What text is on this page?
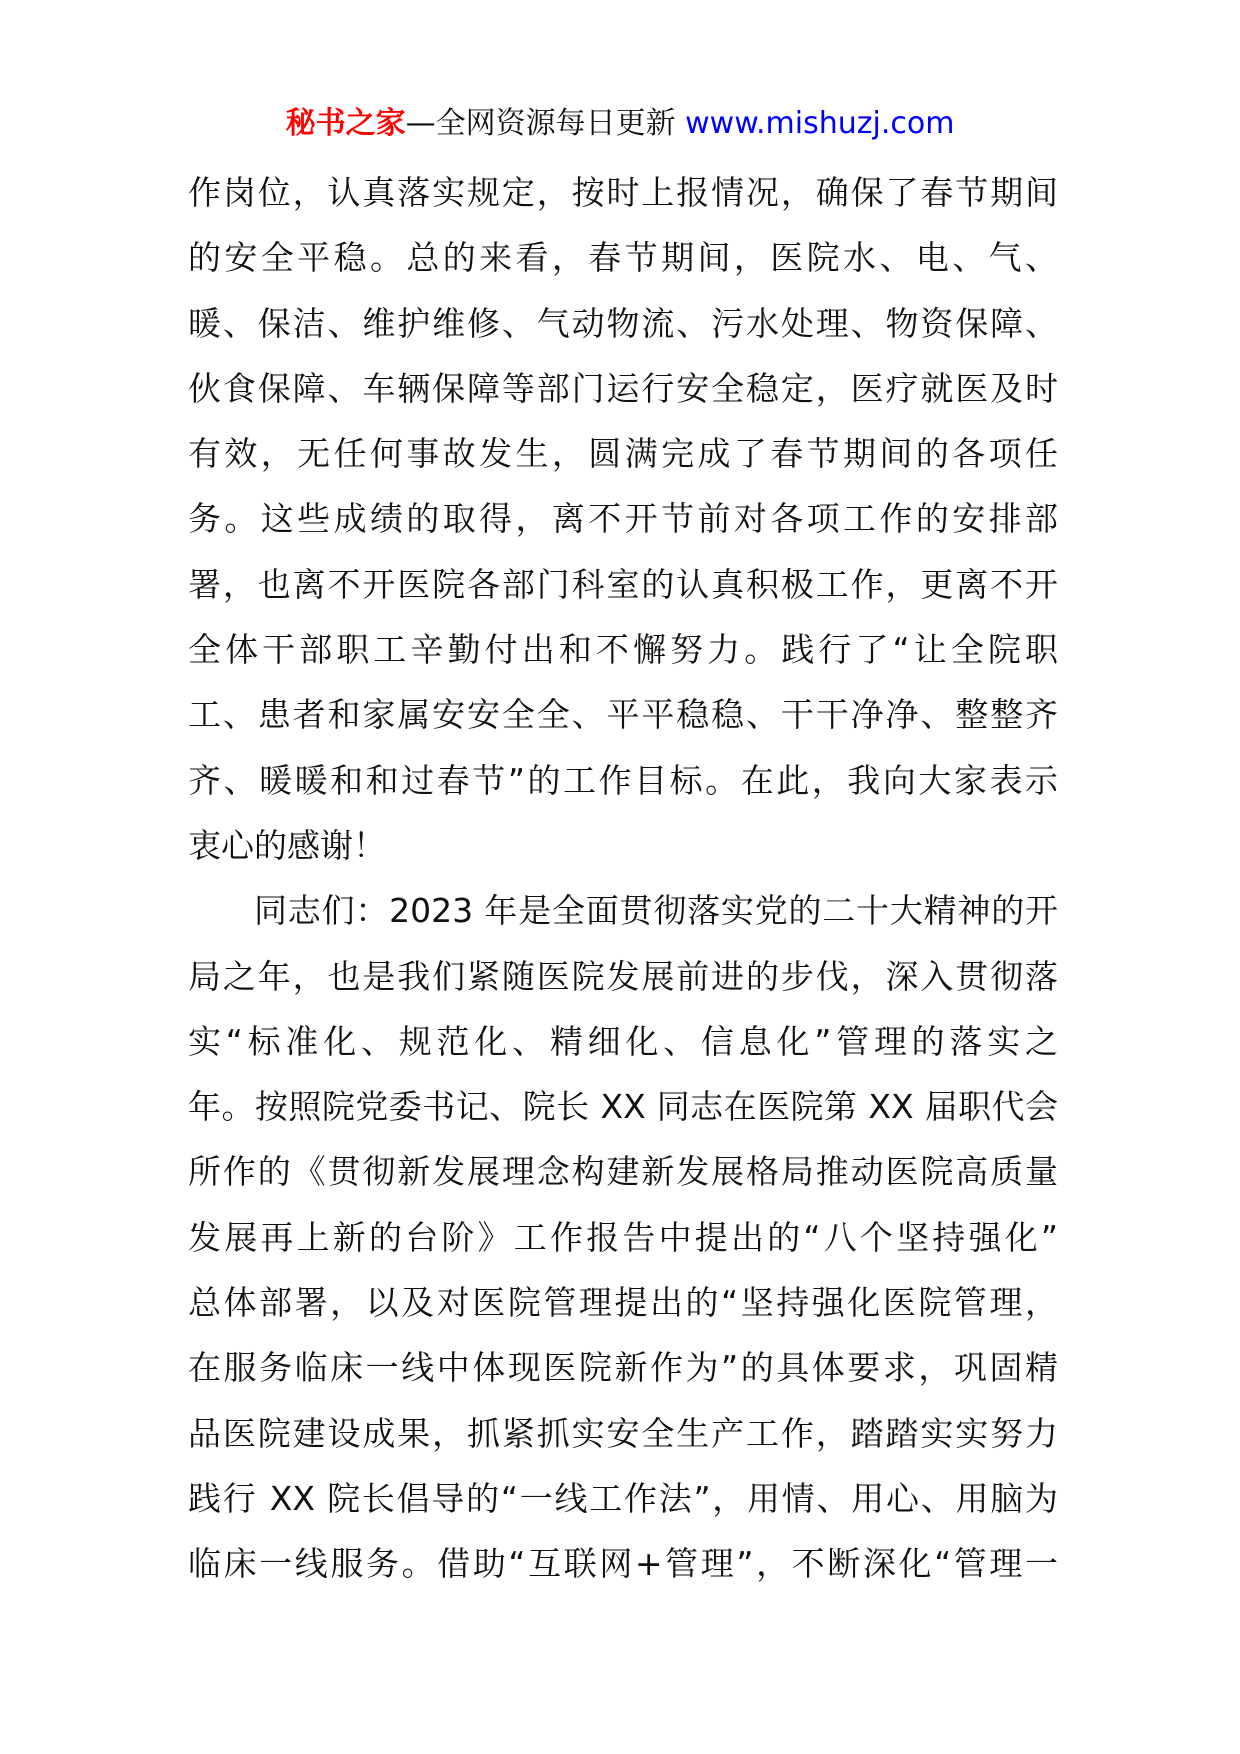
秘书之家—全网资源每日更新 www.mishuzj.com
作岗位，认真落实规定，按时上报情况，确保了春节期间
的安全平稳。总的来看，春节期间，医院水、电、气、
暖、保洁、维护维修、气动物流、污水处理、物资保障、
伙食保障、车辆保障等部门运行安全稳定，医疗就医及时
有效，无任何事故发生，圆满完成了春节期间的各项任
务。这些成绩的取得，离不开节前对各项工作的安排部
署，也离不开医院各部门科室的认真积极工作，更离不开
全体干部职工辛勤付出和不懈努力。践行了“让全院职
工、患者和家属安安全全、平平稳稳、干干净净、整整齐
齐、暖暖和和过春节”的工作目标。在此，我向大家表示
衷心的感谢！
同志们：2023 年是全面贯彻落实党的二十大精神的开
局之年，也是我们紧随医院发展前进的步伐，深入贯彻落
实“标准化、规范化、精细化、信息化”管理的落实之
年。按照院党委书记、院长 XX 同志在医院第 XX 届职代会
所作的《贯彻新发展理念构建新发展格局推动医院高质量
发展再上新的台阶》工作报告中提出的“八个坚持强化”
总体部署，以及对医院管理提出的“坚持强化医院管理，
在服务临床一线中体现医院新作为”的具体要求，巩固精
品医院建设成果，抓紧抓实安全生产工作，踏踏实实努力
践行 XX 院长倡导的“一线工作法”，用情、用心、用脑为
临床一线服务。借助“互联网+管理”，不断深化“管理一
